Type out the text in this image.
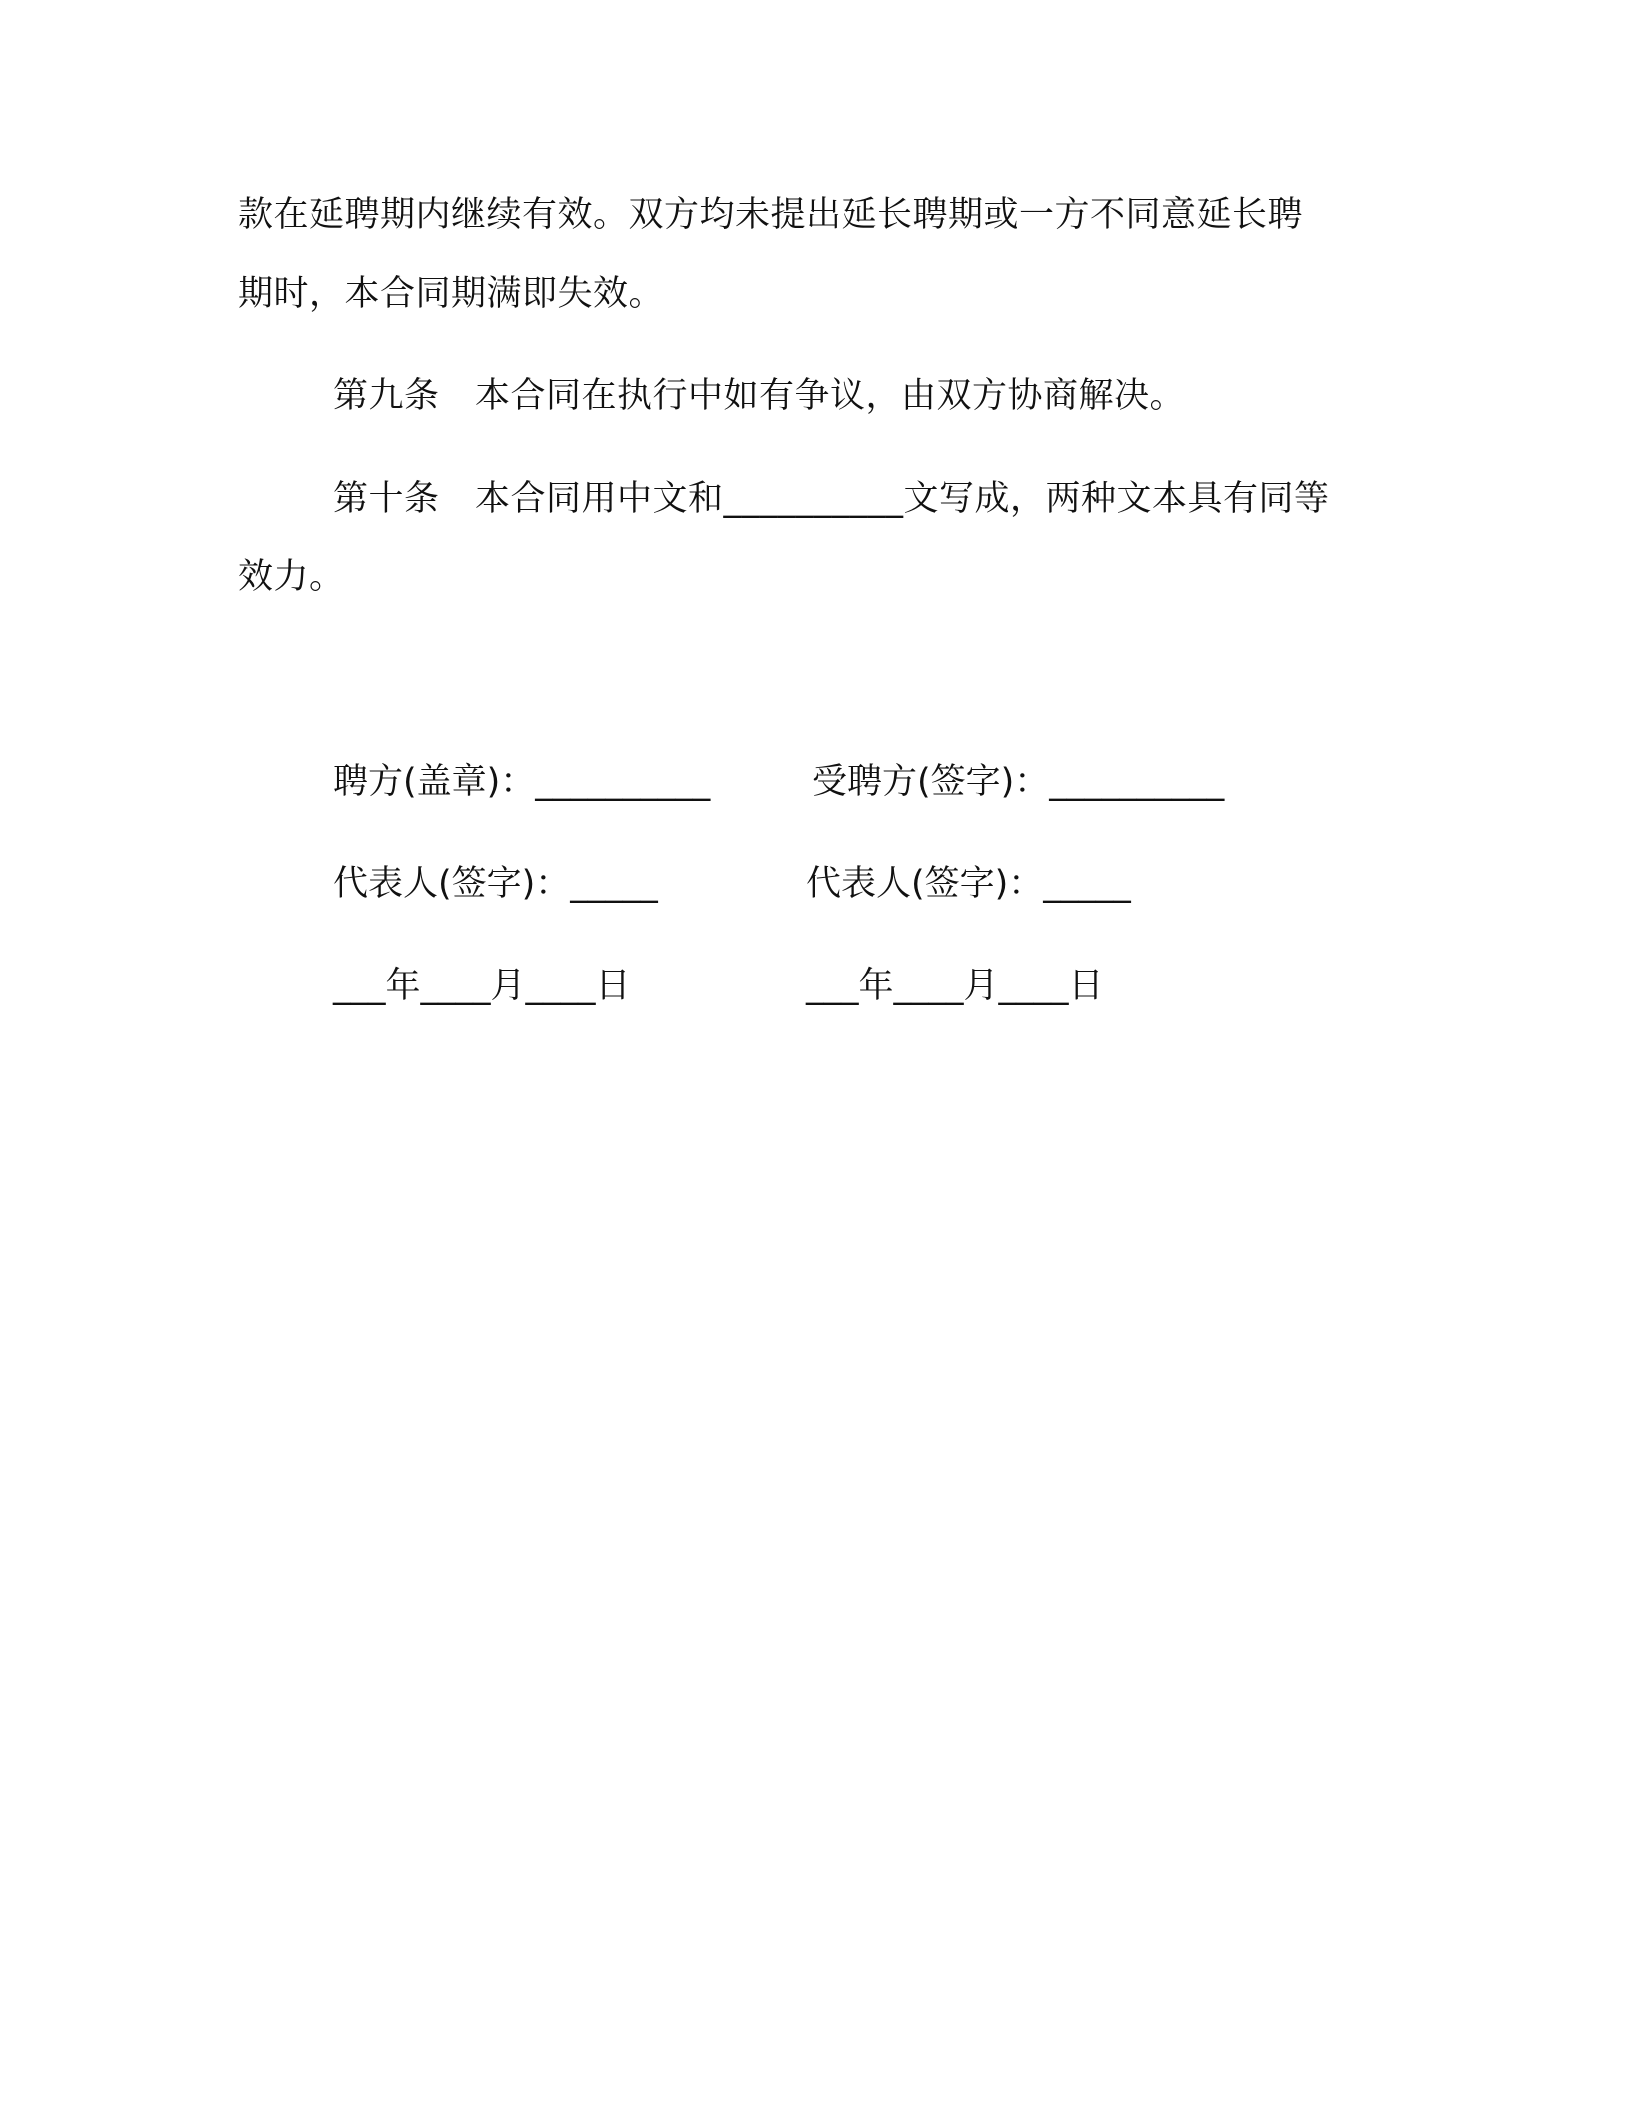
款在延聘期内继续有效。双方均未提出延长聘期或一方不同意延长聘
期时，本合同期满即失效。
第九条　本合同在执行中如有争议，由双方协商解决。
第十条　本合同用中文和__________文写成，两种文本具有同等
效力。
聘方(盖章)：__________	受聘方(签字)：__________
代表人(签字)：_____	代表人(签字)：_____
___年____月____日	___年____月____日
